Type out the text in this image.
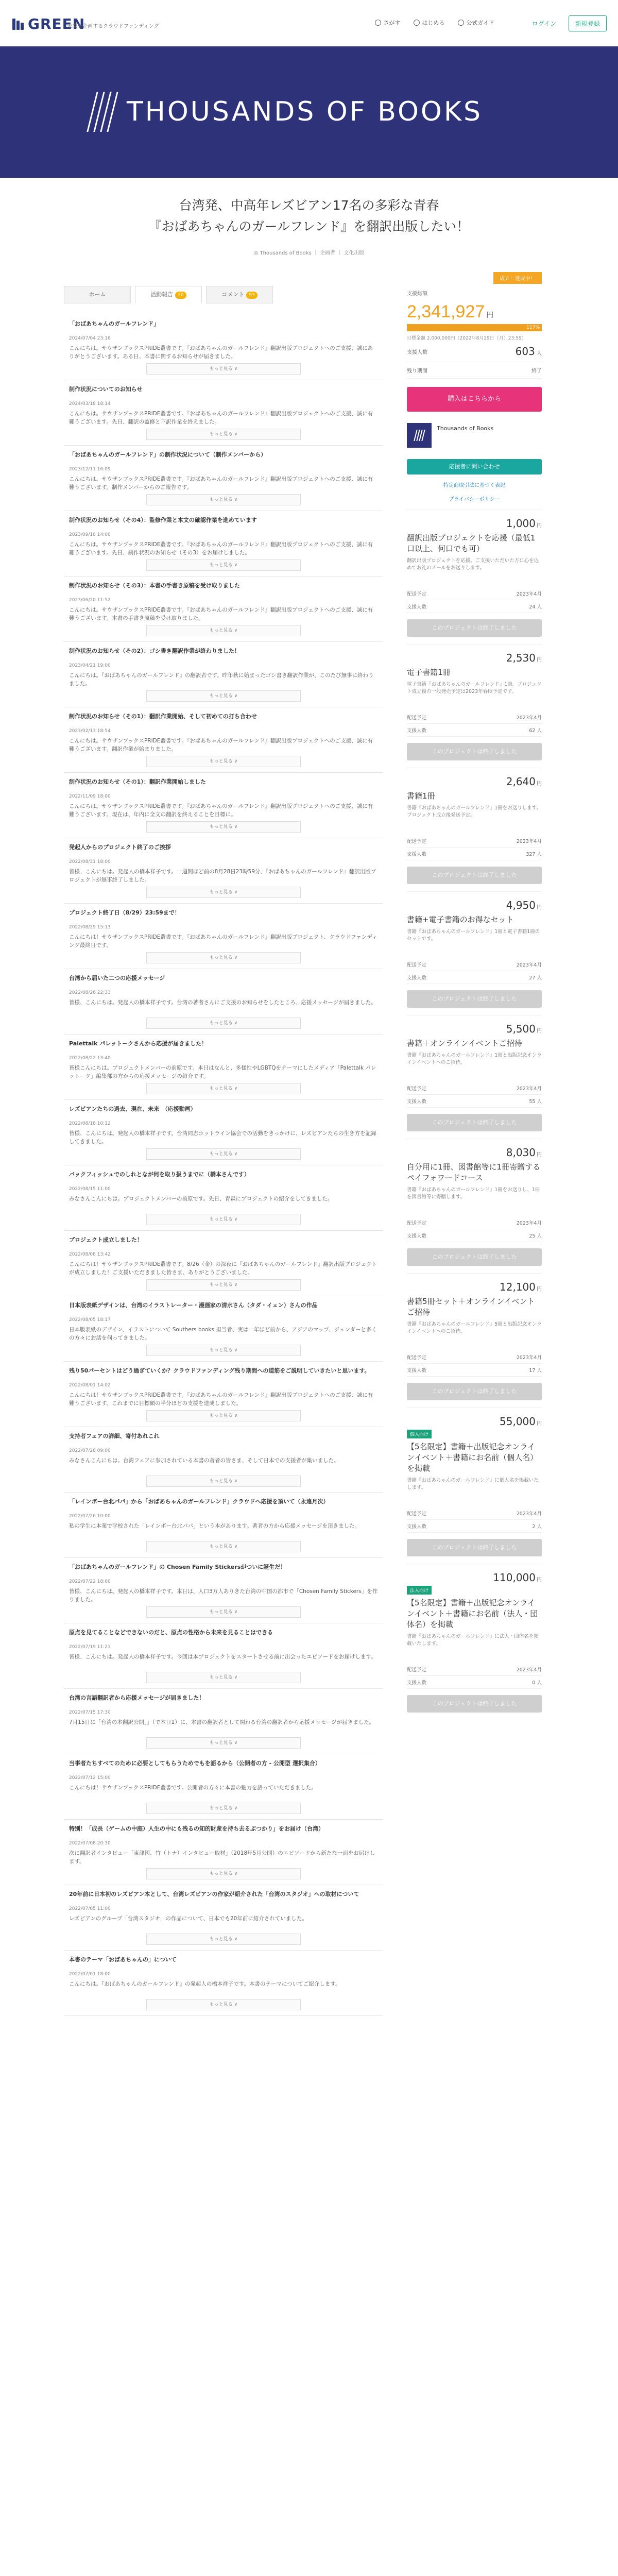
GREEN
未来を企画するクラウドファンディング
さがす	はじめる	公式ガイド	ログイン	新規登録
THOUSANDS OF BOOKS
台湾発、中高年レズビアン17名の多彩な青春
『おばあちゃんのガールフレンド』を翻訳出版したい！
◎ Thousands of Books ｜ 企画者 ｜ 文化出版
ホーム	活動報告 20	コメント 93
「おばあちゃんのガールフレンド」
2024/07/04 23:16
こんにちは。サウザンブックスPRIDE叢書です。『おばあちゃんのガールフレンド』翻訳出版プロジェクトへのご支援、誠にありがとうございます。ある日、本書に関するお知らせが届きました。
もっと見る ∨
制作状況についてのお知らせ
2024/03/18 18:14
こんにちは。サウザンブックスPRIDE叢書です。『おばあちゃんのガールフレンド』翻訳出版プロジェクトへのご支援、誠に有難うございます。先日、翻訳の監修と下訳作業を終えました。
もっと見る ∨
「おばあちゃんのガールフレンド」の制作状況について（制作メンバーから）
2023/12/11 16:09
こんにちは。サウザンブックスPRIDE叢書です。『おばあちゃんのガールフレンド』翻訳出版プロジェクトへのご支援、誠に有難うございます。制作メンバーからのご報告です。
もっと見る ∨
制作状況のお知らせ（その4）：監修作業と本文の確認作業を進めています
2023/09/18 14:00
こんにちは。サウザンブックスPRIDE叢書です。『おばあちゃんのガールフレンド』翻訳出版プロジェクトへのご支援、誠に有難うございます。先日、制作状況のお知らせ（その3）をお届けしました。
もっと見る ∨
制作状況のお知らせ（その3）：本書の手書き原稿を受け取りました
2023/06/20 11:52
こんにちは。サウザンブックスPRIDE叢書です。『おばあちゃんのガールフレンド』翻訳出版プロジェクトへのご支援、誠に有難うございます。本書の手書き原稿を受け取りました。
もっと見る ∨
制作状況のお知らせ（その2）：ゴシ書き翻訳作業が終わりました！
2023/04/21 19:00
こんにちは。『おばあちゃんのガールフレンド』の翻訳者です。昨年秋に始まったゴシ書き翻訳作業が、このたび無事に終わりました。
もっと見る ∨
制作状況のお知らせ（その1）：翻訳作業開始、そして初めての打ち合わせ
2023/02/13 18:54
こんにちは。サウザンブックスPRIDE叢書です。『おばあちゃんのガールフレンド』翻訳出版プロジェクトへのご支援、誠に有難うございます。翻訳作業が始まりました。
もっと見る ∨
制作状況のお知らせ（その1）：翻訳作業開始しました
2022/11/09 18:00
こんにちは。サウザンブックスPRIDE叢書です。『おばあちゃんのガールフレンド』翻訳出版プロジェクトへのご支援、誠に有難うございます。現在は、年内に全文の翻訳を終えることを目標に。
もっと見る ∨
発起人からのプロジェクト終了のご挨拶
2022/08/31 18:00
皆様、こんにちは。発起人の橋本祥子です。一週間ほど前の8月28日23時59分、『おばあちゃんのガールフレンド』翻訳出版プロジェクトが無事終了しました。
もっと見る ∨
プロジェクト終了日（8/29）23:59まで！
2022/08/29 15:13
こんにちは！サウザンブックスPRIDE叢書です。『おばあちゃんのガールフレンド』翻訳出版プロジェクト、クラウドファンディング最終日です。
もっと見る ∨
台湾から届いた二つの応援メッセージ
2022/08/26 22:33
皆様、こんにちは。発起人の橋本祥子です。台湾の著者さんにご支援のお知らせをしたところ、応援メッセージが届きました。
もっと見る ∨
Palettalk パレットークさんから応援が届きました！
2022/08/22 13:40
皆様こんにちは。プロジェクトメンバーの前原です。本日はなんと、多様性やLGBTQをテーマにしたメディア「Palettalk パレットーク」編集部の方からの応援メッセージの紹介です。
もっと見る ∨
レズビアンたちの過去、現在、未来　（応援動画）
2022/08/18 10:12
皆様、こんにちは。発起人の橋本祥子です。台湾同志ホットライン協会での活動をきっかけに、レズビアンたちの生き方を記録してきました。
もっと見る ∨
バックフィッシュでのしれとなが何を取り扱うまでに（橋本さんです）
2022/08/15 11:00
みなさんこんにちは。プロジェクトメンバーの前原です。先日、青森にプロジェクトの紹介をしてきました。
もっと見る ∨
プロジェクト成立しました！
2022/08/08 13:42
こんにちは！サウザンブックスPRIDE叢書です。8/26（金）の深夜に『おばあちゃんのガールフレンド』翻訳出版プロジェクトが成立しました！ご支援いただきました皆さま、ありがとうございました。
もっと見る ∨
日本版表紙デザインは、台湾のイラストレーター・漫画家の清水さん（タダ・イェン）さんの作品
2022/08/05 18:17
日本版表紙のデザイン、イラストについて Southers books 担当者、実は一年ほど前から、アジアのマップ、ジェンダーと多くの方々にお話を伺ってきました。
もっと見る ∨
残り50パーセントはどう過ぎていくか？クラウドファンディング残り期間への道筋をご説明していきたいと思います。
2022/08/01 14:02
こんにちは！サウザンブックスPRIDE叢書です。『おばあちゃんのガールフレンド』翻訳出版プロジェクトへのご支援、誠に有難うございます。これまでに目標額の半分ほどの支援を達成しました。
もっと見る ∨
支持者フェアの詳細、寄付あれこれ
2022/07/28 09:00
みなさんこんにちは。台湾フェアに参加されている本書の著者の皆さま、そして日本での支援者が集いました。
もっと見る ∨
「レインボー台北パパ」から「おばあちゃんのガールフレンド」クラウドへ応援を頂いて（永遠月次）
2022/07/26 10:00
私の学生に本業で学校された「レインボー台北パパ」という本があります。著者の方から応援メッセージを頂きました。
もっと見る ∨
「おばあちゃんのガールフレンド」の Chosen Family Stickersがついに誕生だ！
2022/07/22 18:00
皆様、こんにちは。発起人の橋本祥子です。本日は、人口3万人ありきた台湾の中国の都市で「Chosen Family Stickers」を作りました。
もっと見る ∨
原点を見てることなどできないのだと、原点の性格から未来を見ることはできる
2022/07/19 11:21
皆様、こんにちは。発起人の橋本祥子です。今回は本プロジェクトをスタートさせる前に出会ったエピソードをお届けします。
もっと見る ∨
台湾の言語翻訳者から応援メッセージが届きました！
2022/07/15 17:30
7月15日に「台湾の本翻訳公開」」（で本日1）に、本書の翻訳者として関わる台湾の翻訳者から応援メッセージが届きました。
もっと見る ∨
当事者たちすべてのために必要としてもらうためでもを語るから（公開者の方 - 公開型 選択集合）
2022/07/12 15:00
こんにちは！サウザンブックスPRIDE叢書です。公開者の方々に本書の魅力を語っていただきました。
もっと見る ∨
特別！「成長（ゲームの中庭）人生の中にも残るの知的財産を持ち去るぶつかり」をお届け（台湾）
2022/07/08 20:30
次に翻訳者インタビュー「東津図、竹（トナ）インタビュー取材」（2018年5月公開）のエピソードから新たな一面をお届けします。
もっと見る ∨
20年前に日本初のレズビアン本として、台湾レズビアンの作家が紹介された「台湾のスタジオ」への取材について
2022/07/05 11:00
レズビアンのグループ「台湾スタジオ」の作品について、日本でも20年前に紹介されていました。
もっと見る ∨
本書のテーマ「おばあちゃんの」について
2022/07/01 18:00
こんにちは。『おばあちゃんのガールフレンド』の発起人の橋本祥子です。本書のテーマについてご紹介します。
もっと見る ∨
成立！達成中！
支援総額
2,341,927 円
117%
目標金額 2,000,000円（2022年8月29日（月）23:59）
支援人数	603 人
残り期間	終了
購入はこちらから
Thousands of Books
応援者に問い合わせ
特定商取引法に基づく表記
プライバシーポリシー
1,000 円
翻訳出版プロジェクトを応援（最低1口以上、何口でも可）
翻訳出版プロジェクトを応援。ご支援いただいた方に心を込めてお礼のメールをお送りします。
配送予定	2023年4月
支援人数	24 人
このプロジェクトは終了しました
2,530 円
電子書籍1冊
電子書籍『おばあちゃんのガールフレンド』1冊。プロジェクト成立後の一般発売予定は2023年春頃予定です。
配送予定	2023年4月
支援人数	62 人
このプロジェクトは終了しました
2,640 円
書籍1冊
書籍『おばあちゃんのガールフレンド』1冊をお送りします。プロジェクト成立後発送予定。
配送予定	2023年4月
支援人数	327 人
このプロジェクトは終了しました
4,950 円
書籍+電子書籍のお得なセット
書籍『おばあちゃんのガールフレンド』1冊と電子書籍1冊のセットです。
配送予定	2023年4月
支援人数	27 人
このプロジェクトは終了しました
5,500 円
書籍＋オンラインイベントご招待
書籍『おばあちゃんのガールフレンド』1冊と出版記念オンラインイベントへのご招待。
配送予定	2023年4月
支援人数	55 人
このプロジェクトは終了しました
8,030 円
自分用に1冊、図書館等に1冊寄贈するペイフォワードコース
書籍『おばあちゃんのガールフレンド』1冊をお送りし、1冊を図書館等に寄贈します。
配送予定	2023年4月
支援人数	25 人
このプロジェクトは終了しました
12,100 円
書籍5冊セット＋オンラインイベントご招待
書籍『おばあちゃんのガールフレンド』5冊と出版記念オンラインイベントへのご招待。
配送予定	2023年4月
支援人数	17 人
このプロジェクトは終了しました
55,000 円
個人向け
【5名限定】書籍＋出版記念オンラインイベント＋書籍にお名前（個人名）を掲載
書籍『おばあちゃんのガールフレンド』に個人名を掲載いたします。
配送予定	2023年4月
支援人数	2 人
このプロジェクトは終了しました
110,000 円
法人向け
【5名限定】書籍＋出版記念オンラインイベント＋書籍にお名前（法人・団体名）を掲載
書籍『おばあちゃんのガールフレンド』に法人・団体名を掲載いたします。
配送予定	2023年4月
支援人数	0 人
このプロジェクトは終了しました
